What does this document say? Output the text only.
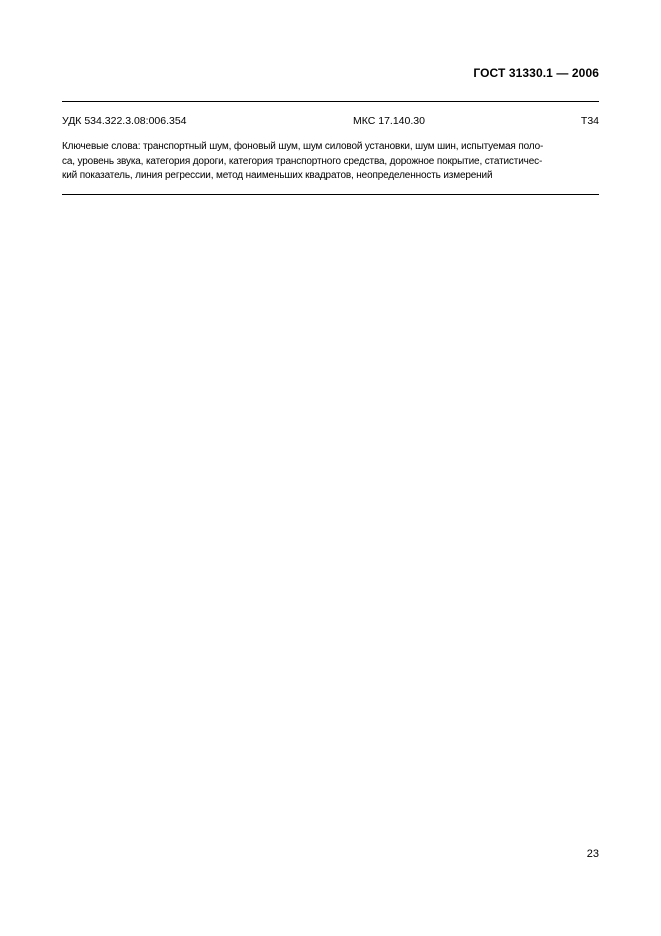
ГОСТ 31330.1 — 2006
УДК 534.322.3.08:006.354	МКС 17.140.30	Т34
Ключевые слова: транспортный шум, фоновый шум, шум силовой установки, шум шин, испытуемая поло-
са, уровень звука, категория дороги, категория транспортного средства, дорожное покрытие, статистичес-
кий показатель, линия регрессии, метод наименьших квадратов, неопределенность измерений
23
